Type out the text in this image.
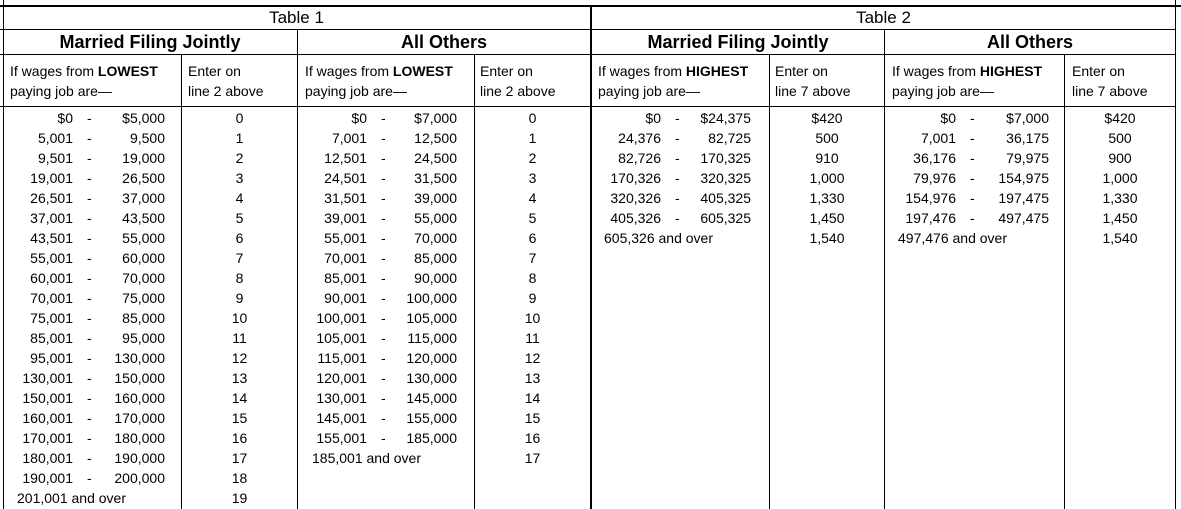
Table 1	Table 2
Married Filing Jointly	All Others	Married Filing Jointly	All Others
If wages from LOWEST
paying job are—
Enter on
line 2 above
If wages from LOWEST
paying job are—
Enter on
line 2 above
If wages from HIGHEST
paying job are—
Enter on
line 7 above
If wages from HIGHEST
paying job are—
Enter on
line 7 above
$0 -	$5,000	0
5,001 -	9,500	1
9,501 -	19,000	2
19,001 -	26,500	3
26,501 -	37,000	4
37,001 -	43,500	5
43,501 -	55,000	6
55,001 -	60,000	7
60,001 -	70,000	8
70,001 -	75,000	9
75,001 -	85,000	10
85,001 -	95,000	11
95,001 -	130,000	12
130,001 -	150,000	13
150,001 -	160,000	14
160,001 -	170,000	15
170,001 -	180,000	16
180,001 -	190,000	17
190,001 -	200,000	18
201,001 and over	19
$0 -	$7,000	0
7,001 -	12,500	1
12,501 -	24,500	2
24,501 -	31,500	3
31,501 -	39,000	4
39,001 -	55,000	5
55,001 -	70,000	6
70,001 -	85,000	7
85,001 -	90,000	8
90,001 -	100,000	9
100,001 -	105,000	10
105,001 -	115,000	11
115,001 -	120,000	12
120,001 -	130,000	13
130,001 -	145,000	14
145,001 -	155,000	15
155,001 -	185,000	16
185,001 and over	17
$0 -	$24,375	$420
24,376 -	82,725	500
82,726 -	170,325	910
170,326 -	320,325	1,000
320,326 -	405,325	1,330
405,326 -	605,325	1,450
605,326 and over	1,540
$0 -	$7,000	$420
7,001 -	36,175	500
36,176 -	79,975	900
79,976 -	154,975	1,000
154,976 -	197,475	1,330
197,476 -	497,475	1,450
497,476 and over	1,540
